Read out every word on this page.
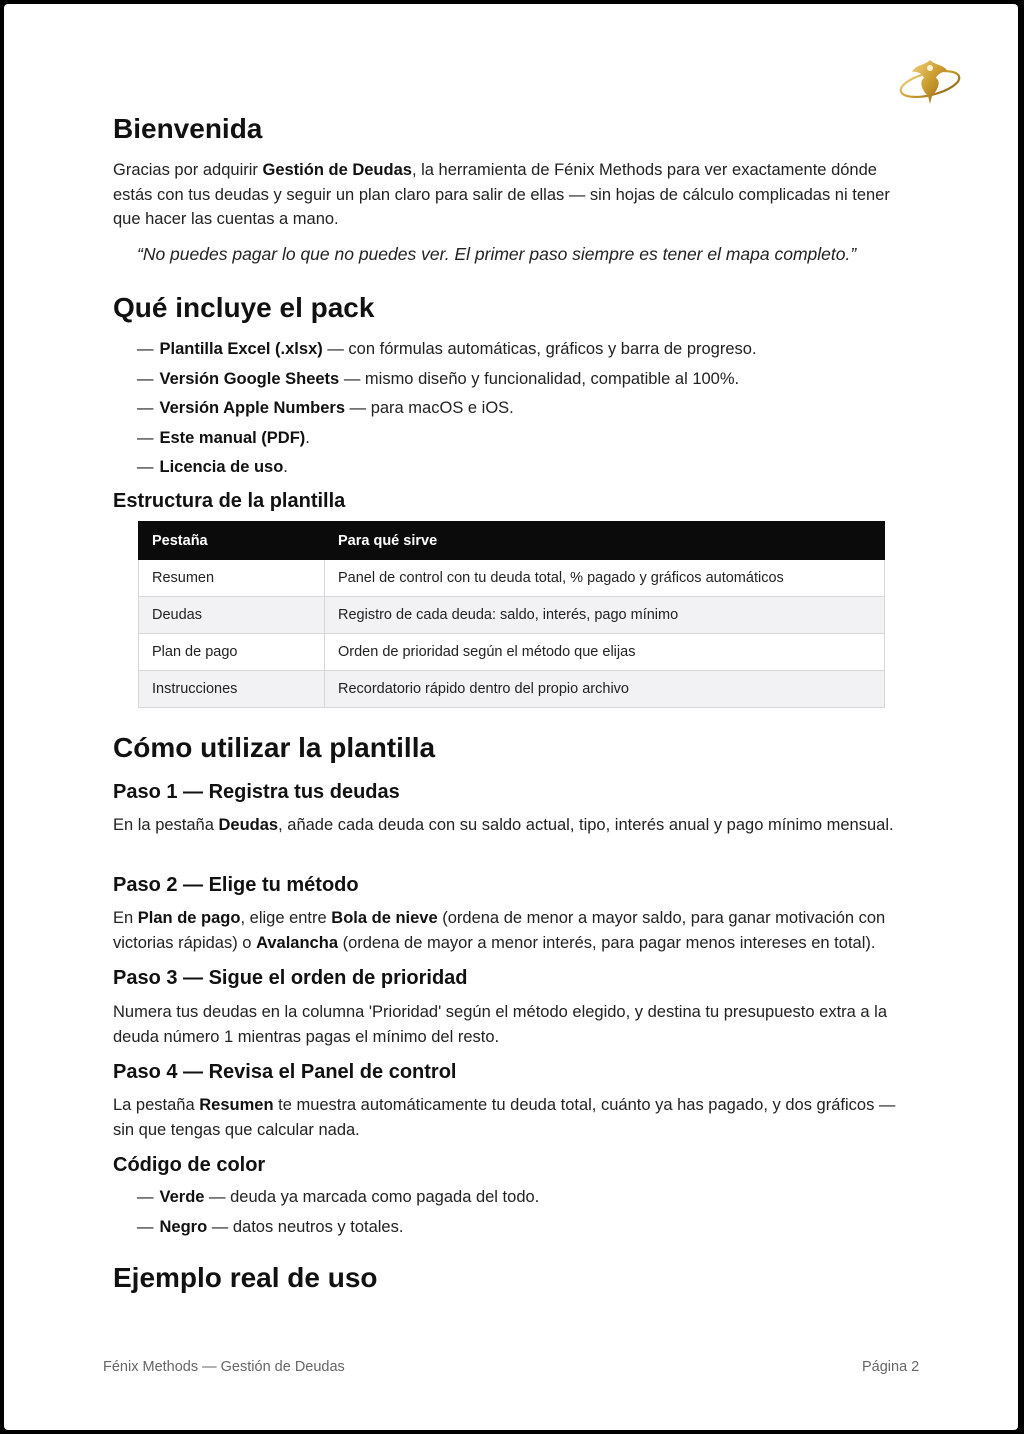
Bienvenida

Gracias por adquirir Gestión de Deudas, la herramienta de Fénix Methods para ver exactamente dónde estás con tus deudas y seguir un plan claro para salir de ellas — sin hojas de cálculo complicadas ni tener que hacer las cuentas a mano.

“No puedes pagar lo que no puedes ver. El primer paso siempre es tener el mapa completo.”

Qué incluye el pack
— Plantilla Excel (.xlsx) — con fórmulas automáticas, gráficos y barra de progreso.
— Versión Google Sheets — mismo diseño y funcionalidad, compatible al 100%.
— Versión Apple Numbers — para macOS e iOS.
— Este manual (PDF).
— Licencia de uso.
Estructura de la plantilla
Pestaña	Para qué sirve
Resumen	Panel de control con tu deuda total, % pagado y gráficos automáticos
Deudas	Registro de cada deuda: saldo, interés, pago mínimo
Plan de pago	Orden de prioridad según el método que elijas
Instrucciones	Recordatorio rápido dentro del propio archivo
Cómo utilizar la plantilla
Paso 1 — Registra tus deudas

En la pestaña Deudas, añade cada deuda con su saldo actual, tipo, interés anual y pago mínimo mensual.

Paso 2 — Elige tu método

En Plan de pago, elige entre Bola de nieve (ordena de menor a mayor saldo, para ganar motivación con victorias rápidas) o Avalancha (ordena de mayor a menor interés, para pagar menos intereses en total).

Paso 3 — Sigue el orden de prioridad

Numera tus deudas en la columna 'Prioridad' según el método elegido, y destina tu presupuesto extra a la deuda número 1 mientras pagas el mínimo del resto.

Paso 4 — Revisa el Panel de control

La pestaña Resumen te muestra automáticamente tu deuda total, cuánto ya has pagado, y dos gráficos — sin que tengas que calcular nada.

Código de color
— Verde — deuda ya marcada como pagada del todo.
— Negro — datos neutros y totales.
Ejemplo real de uso
Fénix Methods — Gestión de Deudas	Página 2
